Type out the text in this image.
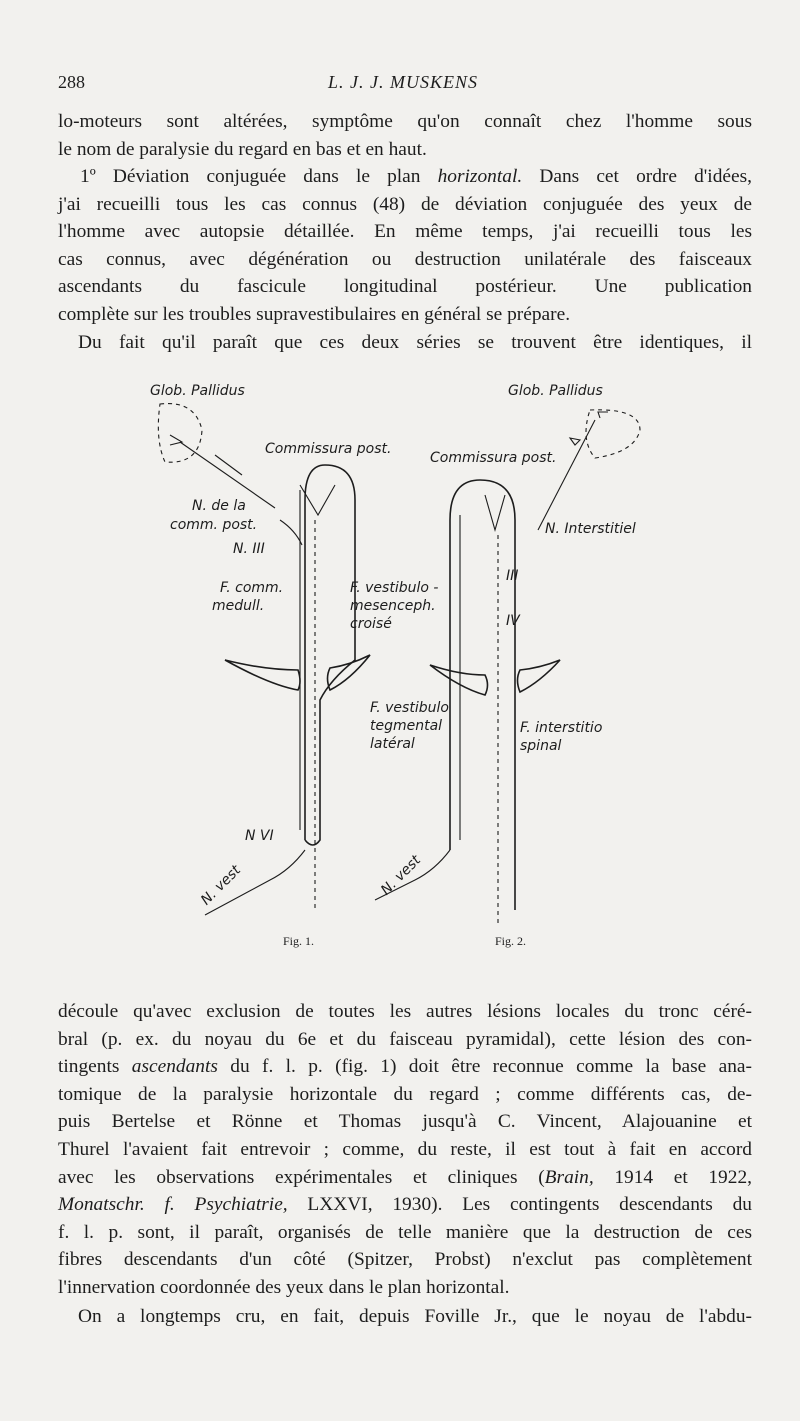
288	L. J. J. MUSKENS
lo-moteurs sont altérées, symptôme qu'on connaît chez l'homme sous
le nom de paralysie du regard en bas et en haut.
1º Déviation conjuguée dans le plan horizontal. Dans cet ordre d'idées,
j'ai recueilli tous les cas connus (48) de déviation conjuguée des yeux de
l'homme avec autopsie détaillée. En même temps, j'ai recueilli tous les
cas connus, avec dégénération ou destruction unilatérale des faisceaux
ascendants du fascicule longitudinal postérieur. Une publication
complète sur les troubles supravestibulaires en général se prépare.
Du fait qu'il paraît que ces deux séries se trouvent être identiques, il
Glob. Pallidus
Commissura post.
N. de la
comm. post.
N. III
F. comm.
medull.
F. vestibulo -
mesenceph.
croisé
N VI
N. vest
Fig. 1.
Glob. Pallidus
Commissura post.
N. Interstitiel
III
IV
F. vestibulo
tegmental
latéral
F. interstitio
spinal
N. vest
Fig. 2.
découle qu'avec exclusion de toutes les autres lésions locales du tronc céré-
bral (p. ex. du noyau du 6e et du faisceau pyramidal), cette lésion des con-
tingents ascendants du f. l. p. (fig. 1) doit être reconnue comme la base ana-
tomique de la paralysie horizontale du regard ; comme différents cas, de-
puis Bertelse et Rönne et Thomas jusqu'à C. Vincent, Alajouanine et
Thurel l'avaient fait entrevoir ; comme, du reste, il est tout à fait en accord
avec les observations expérimentales et cliniques (Brain, 1914 et 1922,
Monatschr. f. Psychiatrie, LXXVI, 1930). Les contingents descendants du
f. l. p. sont, il paraît, organisés de telle manière que la destruction de ces
fibres descendants d'un côté (Spitzer, Probst) n'exclut pas complètement
l'innervation coordonnée des yeux dans le plan horizontal.
On a longtemps cru, en fait, depuis Foville Jr., que le noyau de l'abdu-
